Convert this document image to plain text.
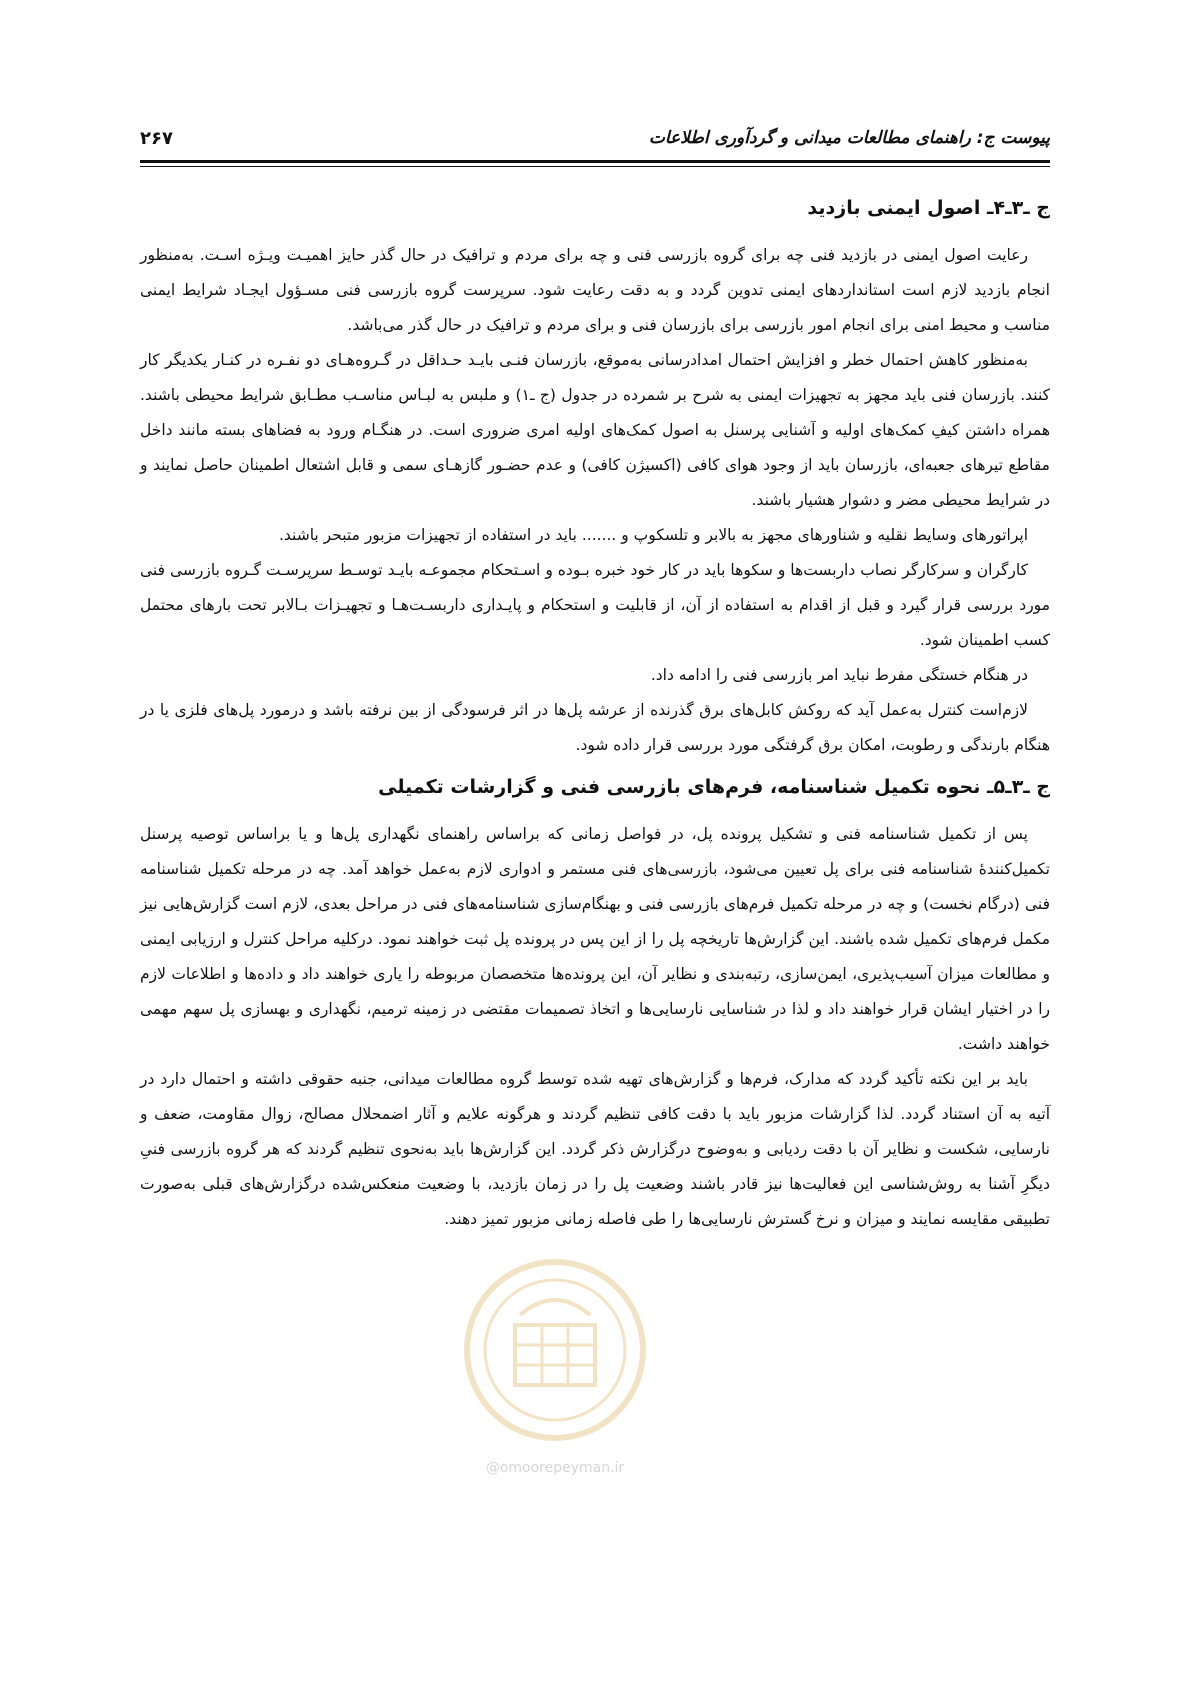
پیوست ج: راهنمای مطالعات میدانی و گردآوری اطلاعات
۲۶۷
ج ـ۳ـ۴ـ اصول ایمنی بازدید

رعایت اصول ایمنی در بازدید فنی چه برای گروه بازرسی فنی و چه برای مردم و ترافیک در حال گذر حایز اهمیـت ویـژه اسـت. به‌منظور انجام بازدید لازم است استانداردهای ایمنی تدوین گردد و به دقت رعایت شود. سرپرست گروه بازرسی فنی مسـؤول ایجـاد شرایط ایمنی مناسب و محیط امنی برای انجام امور بازرسی برای بازرسان فنی و برای مردم و ترافیک در حال گذر می‌باشد.

به‌منظور کاهش احتمال خطر و افزایش احتمال امدادرسانی به‌موقع، بازرسان فنـی بایـد حـداقل در گـروه‌هـای دو نفـره در کنـار یکدیگر کار کنند. بازرسان فنی باید مجهز به تجهیزات ایمنی به شرح بر شمرده در جدول (ج ـ۱) و ملبس به لبـاس مناسـب مطـابق شرایط محیطی باشند. همراه داشتن کیفِ کمک‌های اولیه و آشنایی پرسنل به اصول کمک‌های اولیه امری ضروری است. در هنگـام ورود به فضاهای بسته مانند داخل مقاطع تیرهای جعبه‌ای، بازرسان باید از وجود هوای کافی (اکسیژن کافی) و عدم حضـور گازهـای سمی و قابل اشتعال اطمینان حاصل نمایند و در شرایط محیطی مضر و دشوار هشیار باشند.

اپراتورهای وسایط نقلیه و شناورهای مجهز به بالابر و تلسکوپ و ....... باید در استفاده از تجهیزات مزبور متبحر باشند.

کارگران و سرکارگر نصاب داربست‌ها و سکوها باید در کار خود خبره بـوده و اسـتحکام مجموعـه بایـد توسـط سرپرسـت گـروه بازرسی فنی مورد بررسی قرار گیرد و قبل از اقدام به استفاده از آن، از قابلیت و استحکام و پایـداری داربسـت‌هـا و تجهیـزات بـالابر تحت بارهای محتمل کسب اطمینان شود.

در هنگام خستگی مفرط نباید امر بازرسی فنی را ادامه داد.

لازم‌است کنترل به‌عمل آید که روکش کابل‌های برق گذرنده از عرشه پل‌ها در اثر فرسودگی از بین نرفته باشد و درمورد پل‌های فلزی یا در هنگام بارندگی و رطوبت، امکان برق گرفتگی مورد بررسی قرار داده شود.

ج ـ۳ـ۵ـ نحوه تکمیل شناسنامه، فرم‌های بازرسی فنی و گزارشات تکمیلی

پس از تکمیل شناسنامه فنی و تشکیل پرونده پل، در فواصل زمانی که براساس راهنمای نگهداری پل‌ها و یا براساس توصیه پرسنل تکمیل‌کنندهٔ شناسنامه فنی برای پل تعیین می‌شود، بازرسی‌های فنی مستمر و ادواری لازم به‌عمل خواهد آمد. چه در مرحله تکمیل شناسنامه فنی (درگام نخست) و چه در مرحله تکمیل فرم‌های بازرسی فنی و بهنگام‌سازی شناسنامه‌های فنی در مراحل بعدی، لازم است گزارش‌هایی نیز مکمل فرم‌های تکمیل شده باشند. این گزارش‌ها تاریخچه پل را از این پس در پرونده پل ثبت خواهند نمود. درکلیه مراحل کنترل و ارزیابی ایمنی و مطالعات میزان آسیب‌پذیری، ایمن‌سازی، رتبه‌بندی و نظایر آن، این پرونده‌ها متخصصان مربوطه را یاری خواهند داد و داده‌ها و اطلاعات لازم را در اختیار ایشان قرار خواهند داد و لذا در شناسایی نارسایی‌ها و اتخاذ تصمیمات مقتضی در زمینه ترمیم، نگهداری و بهسازی پل سهم مهمی خواهند داشت.

باید بر این نکته تأکید گردد که مدارک، فرم‌ها و گزارش‌های تهیه شده توسط گروه مطالعات میدانی، جنبه حقوقی داشته و احتمال دارد در آتیه به آن استناد گردد. لذا گزارشات مزبور باید با دقت کافی تنظیم گردند و هرگونه علایم و آثار اضمحلال مصالح، زوال مقاومت، ضعف و نارسایی، شکست و نظایر آن با دقت ردیابی و به‌وضوح درگزارش ذکر گردد. این گزارش‌ها باید به‌نحوی تنظیم گردند که هر گروه بازرسی فنیِ دیگرِ آشنا به روش‌شناسی این فعالیت‌ها نیز قادر باشند وضعیت پل را در زمان بازدید، با وضعیت منعکس‌شده درگزارش‌های قبلی به‌صورت تطبیقی مقایسه نمایند و میزان و نرخ گسترش نارسایی‌ها را طی فاصله زمانی مزبور تمیز دهند.

@omoorepeyman.ir
